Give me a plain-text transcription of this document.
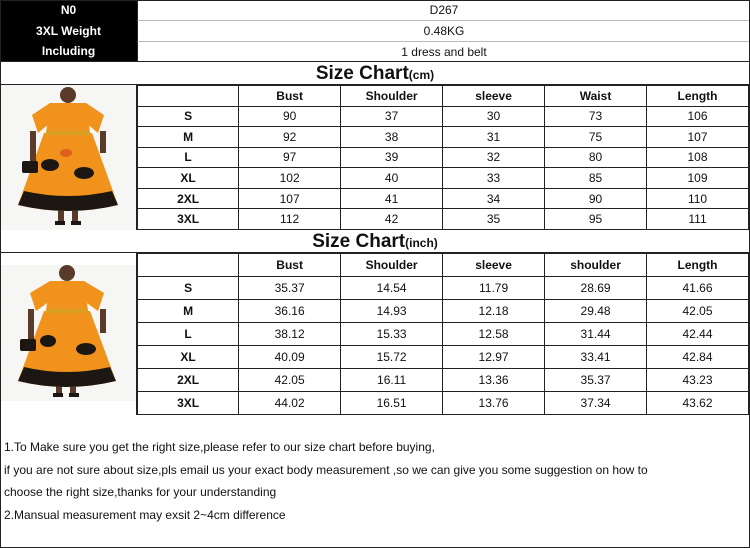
N0	D267
3XL Weight	0.48KG
Including	1 dress and belt
Size Chart (cm)
	Bust	Shoulder	sleeve	Waist	Length
S	90	37	30	73	106
M	92	38	31	75	107
L	97	39	32	80	108
XL	102	40	33	85	109
2XL	107	41	34	90	110
3XL	112	42	35	95	111
Size Chart (inch)
	Bust	Shoulder	sleeve	shoulder	Length
S	35.37	14.54	11.79	28.69	41.66
M	36.16	14.93	12.18	29.48	42.05
L	38.12	15.33	12.58	31.44	42.44
XL	40.09	15.72	12.97	33.41	42.84
2XL	42.05	16.11	13.36	35.37	43.23
3XL	44.02	16.51	13.76	37.34	43.62

1.To Make sure you get the right size,please refer to our size chart before buying,

if you are not sure about size,pls email us your exact body measurement ,so we can give you some suggestion on how to

choose the right size,thanks for your understanding

2.Mansual measurement may exsit 2~4cm difference
